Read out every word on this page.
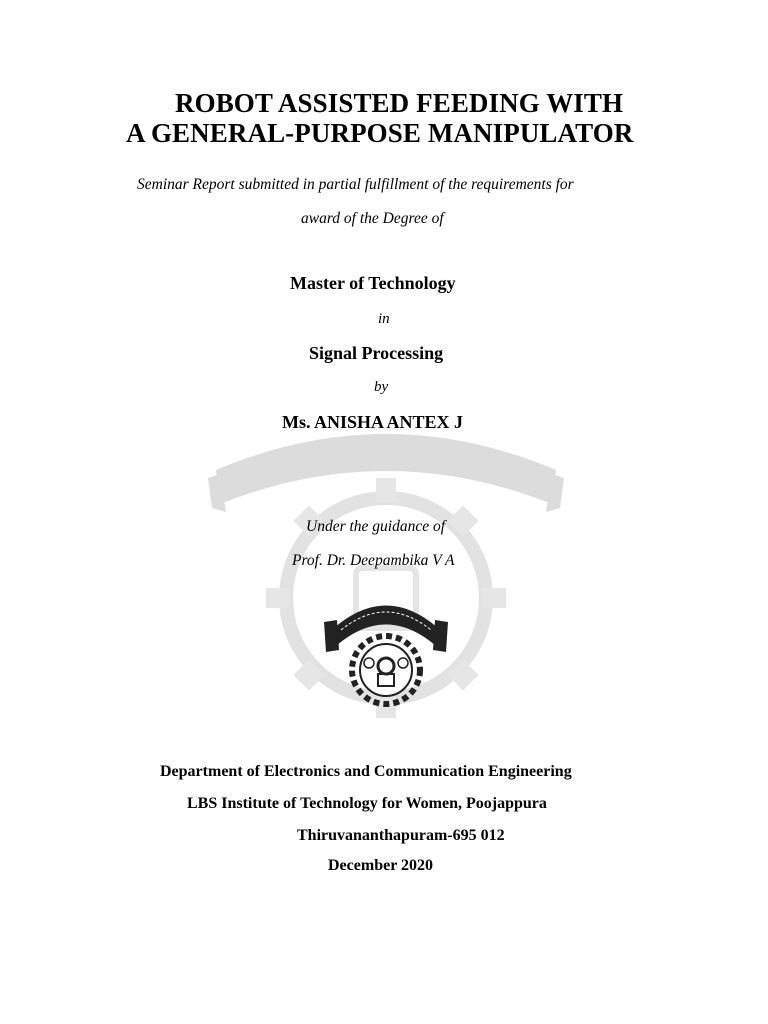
ROBOT ASSISTED FEEDING WITH
A GENERAL-PURPOSE MANIPULATOR
Seminar Report submitted in partial fulfillment of the requirements for
award of the Degree of
Master of Technology
in
Signal Processing
by
Ms. ANISHA ANTEX J
Under the guidance of
Prof. Dr. Deepambika V A
Department of Electronics and Communication Engineering
LBS Institute of Technology for Women, Poojappura
Thiruvananthapuram-695 012
December 2020
